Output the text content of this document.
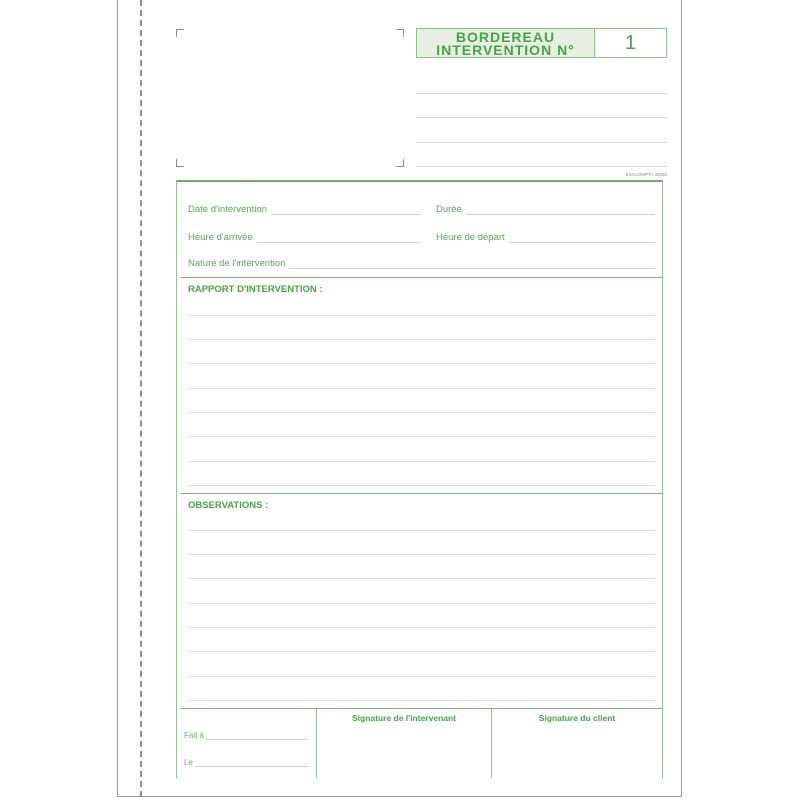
BORDEREAU
INTERVENTION N°	1
EXACOMPTA 30030
Date d'intervention	Durée
Heure d'arrivée	Heure de départ
Nature de l'intervention
RAPPORT D'INTERVENTION :
OBSERVATIONS :
Fait à
Le
Signature de l'intervenant	Signature du client
